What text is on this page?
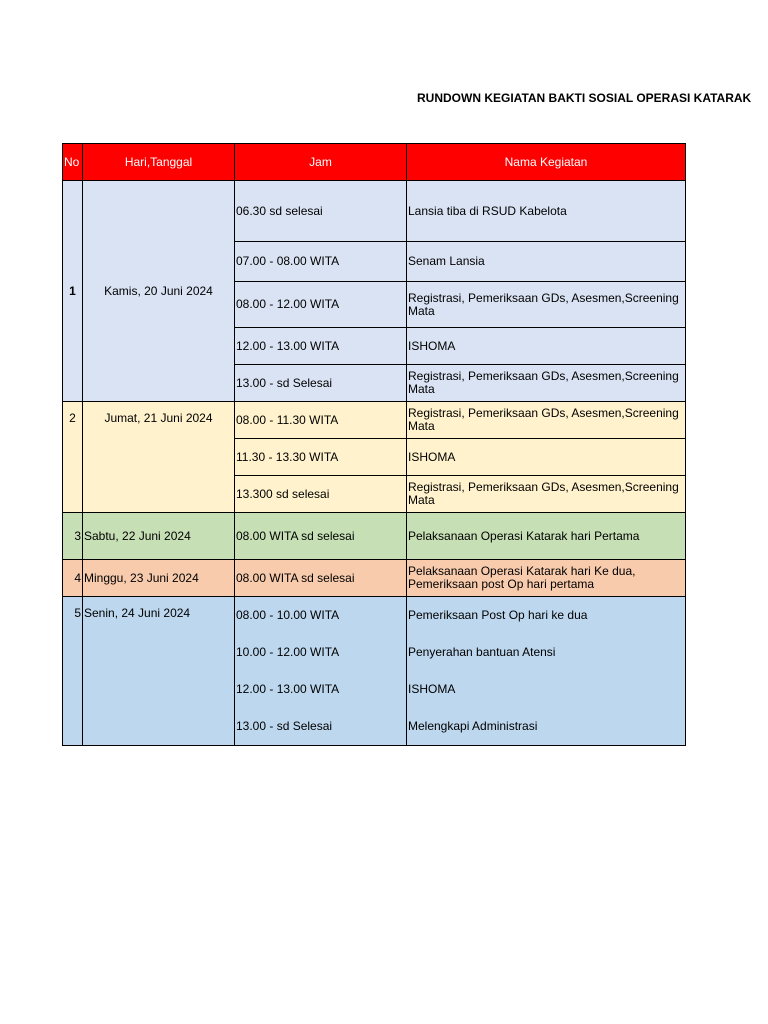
RUNDOWN KEGIATAN BAKTI SOSIAL OPERASI KATARAK
No	Hari,Tanggal	Jam	Nama Kegiatan
1	Kamis, 20 Juni 2024	06.30 sd selesai	Lansia tiba di RSUD Kabelota
		07.00 - 08.00 WITA	Senam Lansia
		08.00 - 12.00 WITA	Registrasi, Pemeriksaan GDs, Asesmen,Screening Mata
		12.00 - 13.00 WITA	ISHOMA
		13.00 - sd Selesai	Registrasi, Pemeriksaan GDs, Asesmen,Screening Mata
2	Jumat, 21 Juni 2024	08.00 - 11.30 WITA	Registrasi, Pemeriksaan GDs, Asesmen,Screening Mata
		11.30 - 13.30 WITA	ISHOMA
		13.300 sd selesai	Registrasi, Pemeriksaan GDs, Asesmen,Screening Mata
3	Sabtu, 22 Juni 2024	08.00 WITA sd selesai	Pelaksanaan Operasi Katarak hari Pertama
4	Minggu, 23 Juni 2024	08.00 WITA sd selesai	Pelaksanaan Operasi Katarak hari Ke dua, Pemeriksaan post Op hari pertama
5	Senin, 24 Juni 2024	08.00 - 10.00 WITA	Pemeriksaan Post Op hari ke dua
		10.00 - 12.00 WITA	Penyerahan bantuan Atensi
		12.00 - 13.00 WITA	ISHOMA
		13.00 - sd Selesai	Melengkapi Administrasi
